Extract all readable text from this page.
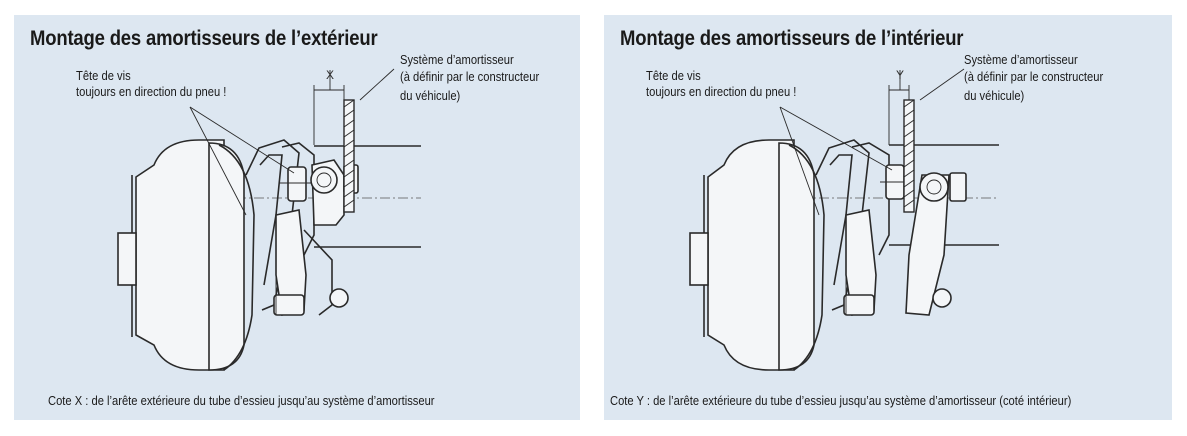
Montage des amortisseurs de l’extérieur
Tête de vis
toujours en direction du pneu !
Système d’amortisseur
(à définir par le constructeur
du véhicule)
X
Cote X : de l’arête extérieure du tube d’essieu jusqu’au système d’amortisseur
Montage des amortisseurs de l’intérieur
Tête de vis
toujours en direction du pneu !
Système d’amortisseur
(à définir par le constructeur
du véhicule)
Y
Cote Y : de l’arête extérieure du tube d’essieu jusqu’au système d’amortisseur (coté intérieur)
